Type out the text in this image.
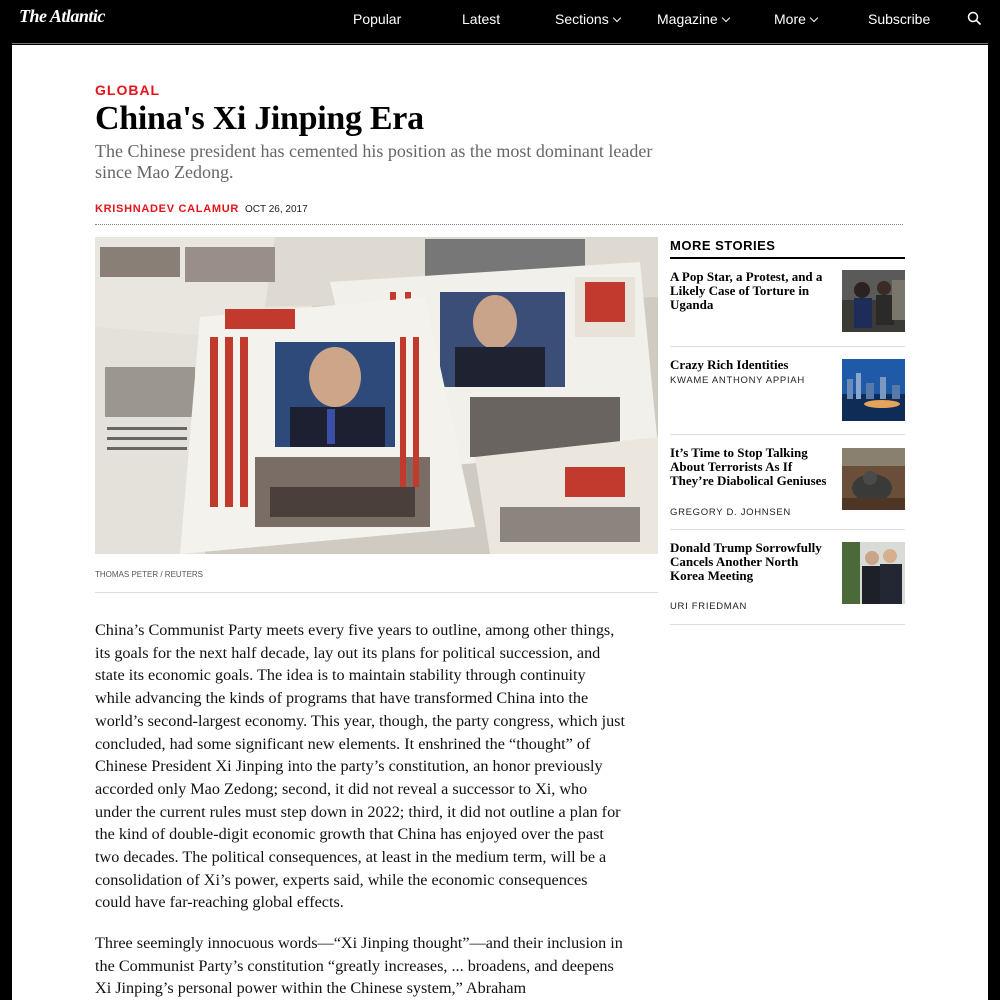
The Atlantic	Popular	Latest	Sections	Magazine	More	Subscribe
GLOBAL
China's Xi Jinping Era

The Chinese president has cemented his position as the most dominant leader since Mao Zedong.

KRISHNADEV CALAMUR OCT 26, 2017
THOMAS PETER / REUTERS

China’s Communist Party meets every five years to outline, among other things, its goals for the next half decade, lay out its plans for political succession, and state its economic goals. The idea is to maintain stability through continuity while advancing the kinds of programs that have transformed China into the world’s second-largest economy. This year, though, the party congress, which just concluded, had some significant new elements. It enshrined the “thought” of Chinese President Xi Jinping into the party’s constitution, an honor previously accorded only Mao Zedong; second, it did not reveal a successor to Xi, who under the current rules must step down in 2022; third, it did not outline a plan for the kind of double-digit economic growth that China has enjoyed over the past two decades. The political consequences, at least in the medium term, will be a consolidation of Xi’s power, experts said, while the economic consequences could have far-reaching global effects.

Three seemingly innocuous words—“Xi Jinping thought”—and their inclusion in the Communist Party’s constitution “greatly increases, ... broadens, and deepens Xi Jinping’s personal power within the Chinese system,” Abraham

MORE STORIES
A Pop Star, a Protest, and a Likely Case of Torture in Uganda
Crazy Rich Identities
KWAME ANTHONY APPIAH
It’s Time to Stop Talking About Terrorists As If They’re Diabolical Geniuses
GREGORY D. JOHNSEN
Donald Trump Sorrowfully Cancels Another North Korea Meeting
URI FRIEDMAN
